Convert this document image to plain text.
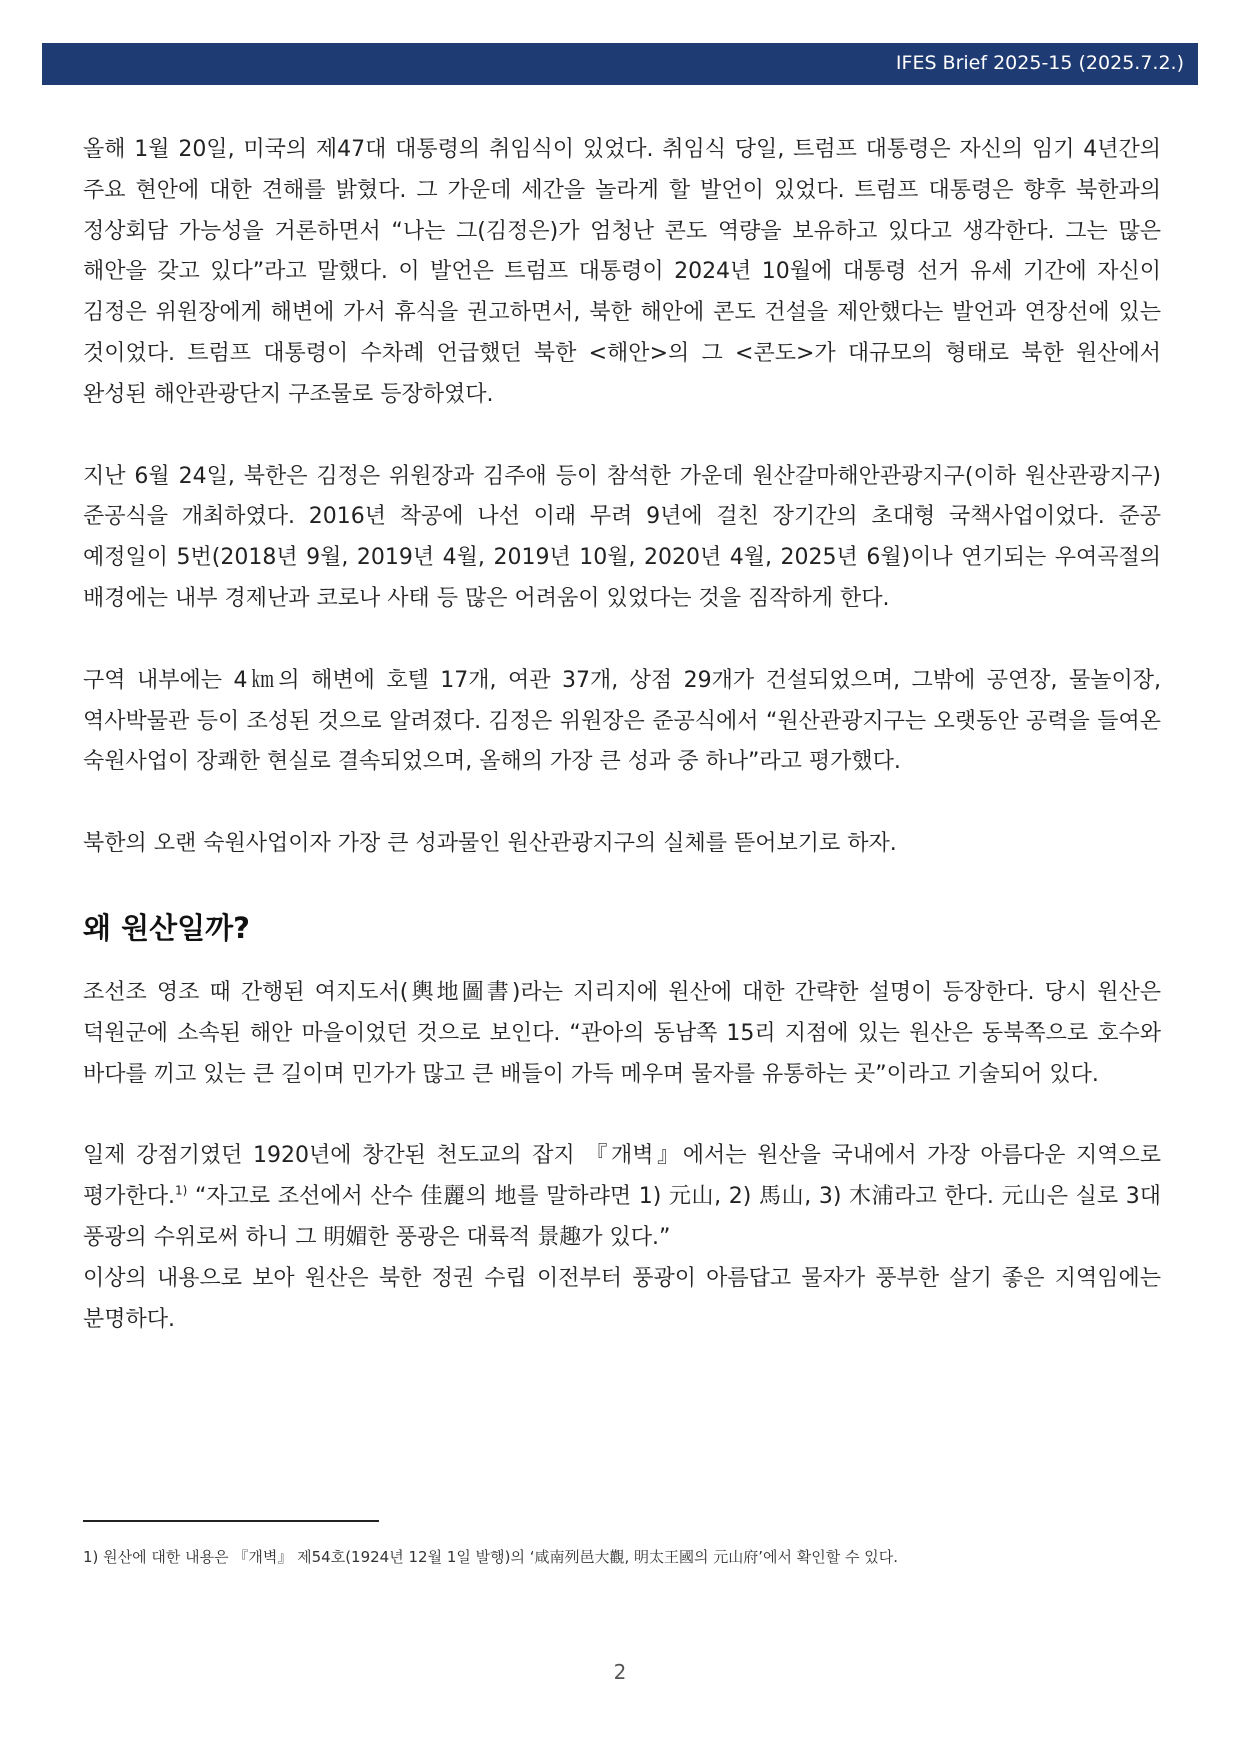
IFES Brief 2025-15 (2025.7.2.)

올해 1월 20일, 미국의 제47대 대통령의 취임식이 있었다. 취임식 당일, 트럼프 대통령은 자신의 임기 4년간의 주요 현안에 대한 견해를 밝혔다. 그 가운데 세간을 놀라게 할 발언이 있었다. 트럼프 대통령은 향후 북한과의 정상회담 가능성을 거론하면서 “나는 그(김정은)가 엄청난 콘도 역량을 보유하고 있다고 생각한다. 그는 많은 해안을 갖고 있다”라고 말했다. 이 발언은 트럼프 대통령이 2024년 10월에 대통령 선거 유세 기간에 자신이 김정은 위원장에게 해변에 가서 휴식을 권고하면서, 북한 해안에 콘도 건설을 제안했다는 발언과 연장선에 있는 것이었다. 트럼프 대통령이 수차례 언급했던 북한 <해안>의 그 <콘도>가 대규모의 형태로 북한 원산에서 완성된 해안관광단지 구조물로 등장하였다.

지난 6월 24일, 북한은 김정은 위원장과 김주애 등이 참석한 가운데 원산갈마해안관광지구(이하 원산관광지구) 준공식을 개최하였다. 2016년 착공에 나선 이래 무려 9년에 걸친 장기간의 초대형 국책사업이었다. 준공 예정일이 5번(2018년 9월, 2019년 4월, 2019년 10월, 2020년 4월, 2025년 6월)이나 연기되는 우여곡절의 배경에는 내부 경제난과 코로나 사태 등 많은 어려움이 있었다는 것을 짐작하게 한다.

구역 내부에는 4㎞의 해변에 호텔 17개, 여관 37개, 상점 29개가 건설되었으며, 그밖에 공연장, 물놀이장, 역사박물관 등이 조성된 것으로 알려졌다. 김정은 위원장은 준공식에서 “원산관광지구는 오랫동안 공력을 들여온 숙원사업이 장쾌한 현실로 결속되었으며, 올해의 가장 큰 성과 중 하나”라고 평가했다.

북한의 오랜 숙원사업이자 가장 큰 성과물인 원산관광지구의 실체를 뜯어보기로 하자.

왜 원산일까?

조선조 영조 때 간행된 여지도서(輿地圖書)라는 지리지에 원산에 대한 간략한 설명이 등장한다. 당시 원산은 덕원군에 소속된 해안 마을이었던 것으로 보인다. “관아의 동남쪽 15리 지점에 있는 원산은 동북쪽으로 호수와 바다를 끼고 있는 큰 길이며 민가가 많고 큰 배들이 가득 메우며 물자를 유통하는 곳”이라고 기술되어 있다.

일제 강점기였던 1920년에 창간된 천도교의 잡지 『개벽』에서는 원산을 국내에서 가장 아름다운 지역으로 평가한다.$^{1)}$ “자고로 조선에서 산수 佳麗의 地를 말하랴면 1) 元山, 2) 馬山, 3) 木浦라고 한다. 元山은 실로 3대 풍광의 수위로써 하니 그 明媚한 풍광은 대륙적 景趣가 있다.”

이상의 내용으로 보아 원산은 북한 정권 수립 이전부터 풍광이 아름답고 물자가 풍부한 살기 좋은 지역임에는 분명하다.

1) 원산에 대한 내용은 『개벽』 제54호(1924년 12월 1일 발행)의 ‘咸南列邑大觀, 明太王國의 元山府’에서 확인할 수 있다.
2
